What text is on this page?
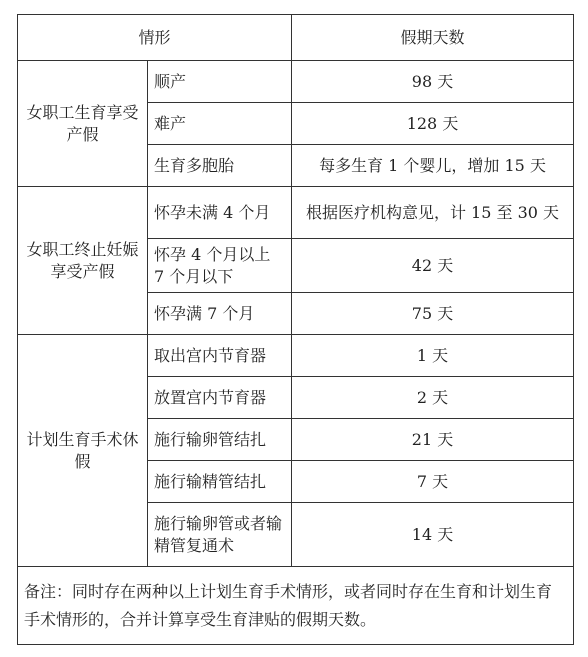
情形		假期天数
女职工生育享受产假	顺产	98 天
	难产	128 天
	生育多胞胎	每多生育 1 个婴儿，增加 15 天
女职工终止妊娠享受产假	怀孕未满 4 个月	根据医疗机构意见，计 15 至 30 天
	怀孕 4 个月以上 7 个月以下	42 天
	怀孕满 7 个月	75 天
计划生育手术休假	取出宫内节育器	1 天
	放置宫内节育器	2 天
	施行输卵管结扎	21 天
	施行输精管结扎	7 天
	施行输卵管或者输精管复通术	14 天
备注：同时存在两种以上计划生育手术情形，或者同时存在生育和计划生育手术情形的，合并计算享受生育津贴的假期天数。		
